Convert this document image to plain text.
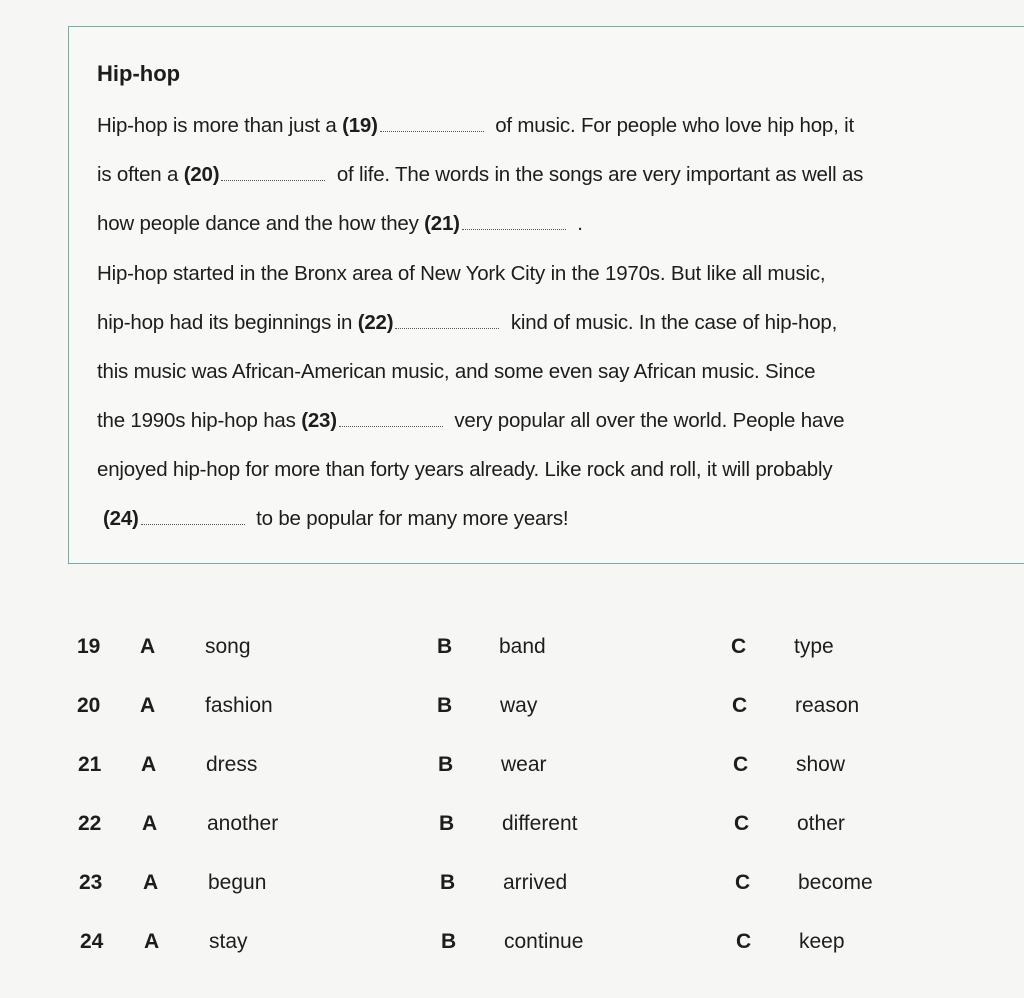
Hip-hop
Hip-hop is more than just a (19)	of music. For people who love hip hop, it
is often a (20)	of life. The words in the songs are very important as well as
how people dance and the how they (21)	.
Hip-hop started in the Bronx area of New York City in the 1970s. But like all music,
hip-hop had its beginnings in (22)	kind of music. In the case of hip-hop,
this music was African-American music, and some even say African music. Since
the 1990s hip-hop has (23)	very popular all over the world. People have
enjoyed hip-hop for more than forty years already. Like rock and roll, it will probably
(24)	to be popular for many more years!
19 A song	B band	C type
20 A fashion	B way	C reason
21 A dress	B wear	C show
22 A another	B different	C other
23 A begun	B arrived	C become
24 A stay	B continue	C keep
